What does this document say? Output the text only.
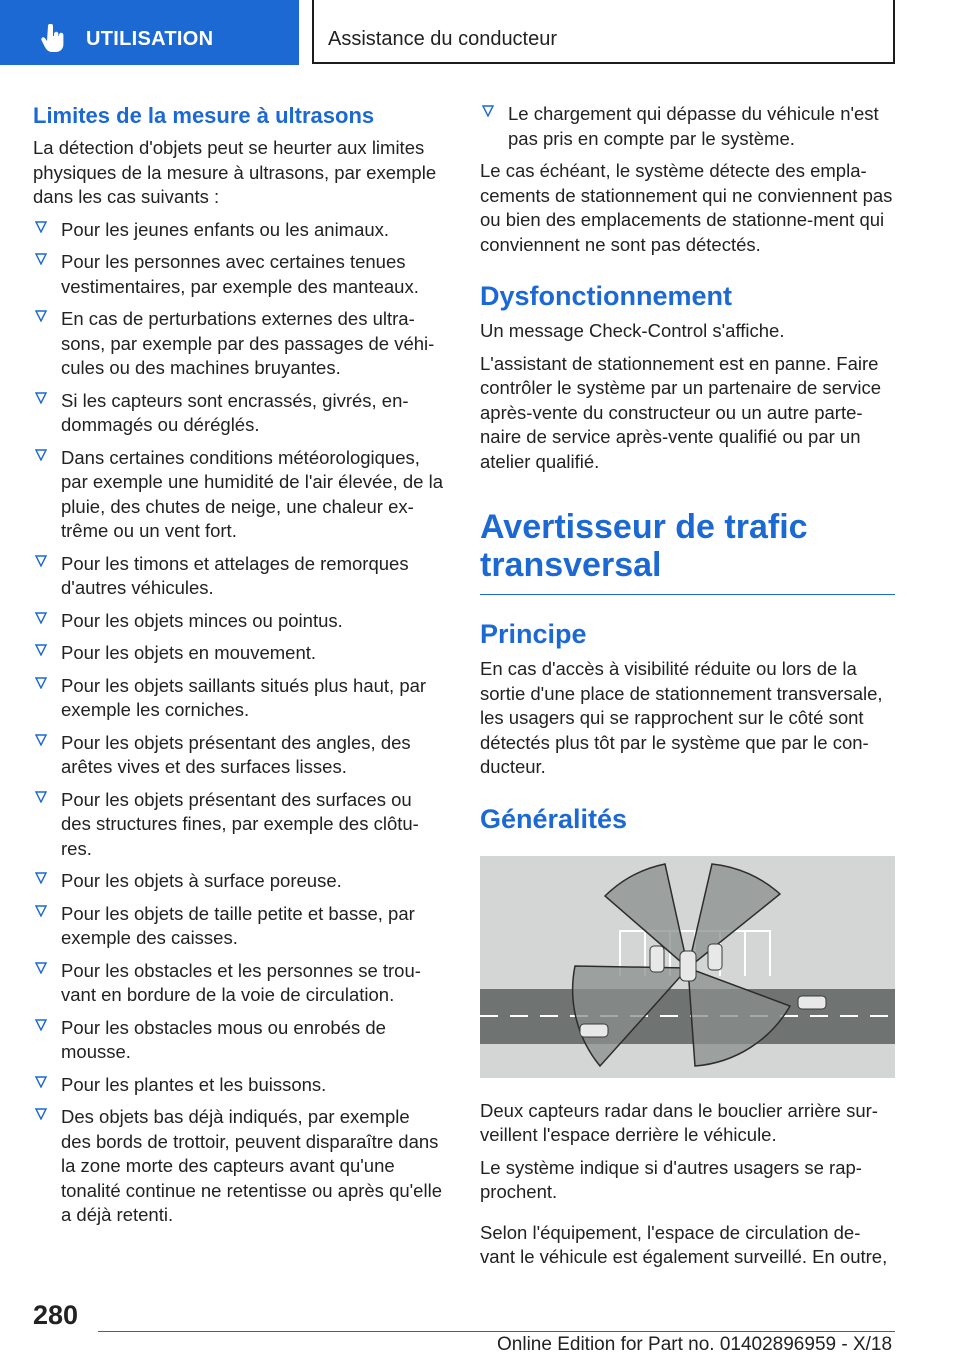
UTILISATION	Assistance du conducteur
Limites de la mesure à ultrasons

La détection d'objets peut se heurter aux limites physiques de la mesure à ultrasons, par exemple dans les cas suivants :

Pour les jeunes enfants ou les animaux.
Pour les personnes avec certaines tenues vestimentaires, par exemple des manteaux.
En cas de perturbations externes des ultra-sons, par exemple par des passages de véhi-cules ou des machines bruyantes.
Si les capteurs sont encrassés, givrés, en-dommagés ou déréglés.
Dans certaines conditions météorologiques, par exemple une humidité de l'air élevée, de la pluie, des chutes de neige, une chaleur ex-trême ou un vent fort.
Pour les timons et attelages de remorques d'autres véhicules.
Pour les objets minces ou pointus.
Pour les objets en mouvement.
Pour les objets saillants situés plus haut, par exemple les corniches.
Pour les objets présentant des angles, des arêtes vives et des surfaces lisses.
Pour les objets présentant des surfaces ou des structures fines, par exemple des clôtu-res.
Pour les objets à surface poreuse.
Pour les objets de taille petite et basse, par exemple des caisses.
Pour les obstacles et les personnes se trou-vant en bordure de la voie de circulation.
Pour les obstacles mous ou enrobés de mousse.
Pour les plantes et les buissons.
Des objets bas déjà indiqués, par exemple des bords de trottoir, peuvent disparaître dans la zone morte des capteurs avant qu'une tonalité continue ne retentisse ou après qu'elle a déjà retenti.
Le chargement qui dépasse du véhicule n'est pas pris en compte par le système.

Le cas échéant, le système détecte des empla-cements de stationnement qui ne conviennent pas ou bien des emplacements de stationne-ment qui conviennent ne sont pas détectés.

Dysfonctionnement

Un message Check-Control s'affiche.

L'assistant de stationnement est en panne. Faire contrôler le système par un partenaire de service après-vente du constructeur ou un autre parte-naire de service après-vente qualifié ou par un atelier qualifié.

Avertisseur de trafic transversal
Principe

En cas d'accès à visibilité réduite ou lors de la sortie d'une place de stationnement transversale, les usagers qui se rapprochent sur le côté sont détectés plus tôt par le système que par le con-ducteur.

Généralités

Deux capteurs radar dans le bouclier arrière sur-veillent l'espace derrière le véhicule.

Le système indique si d'autres usagers se rap-prochent.

Selon l'équipement, l'espace de circulation de-vant le véhicule est également surveillé. En outre,

280
Online Edition for Part no. 01402896959 - X/18
